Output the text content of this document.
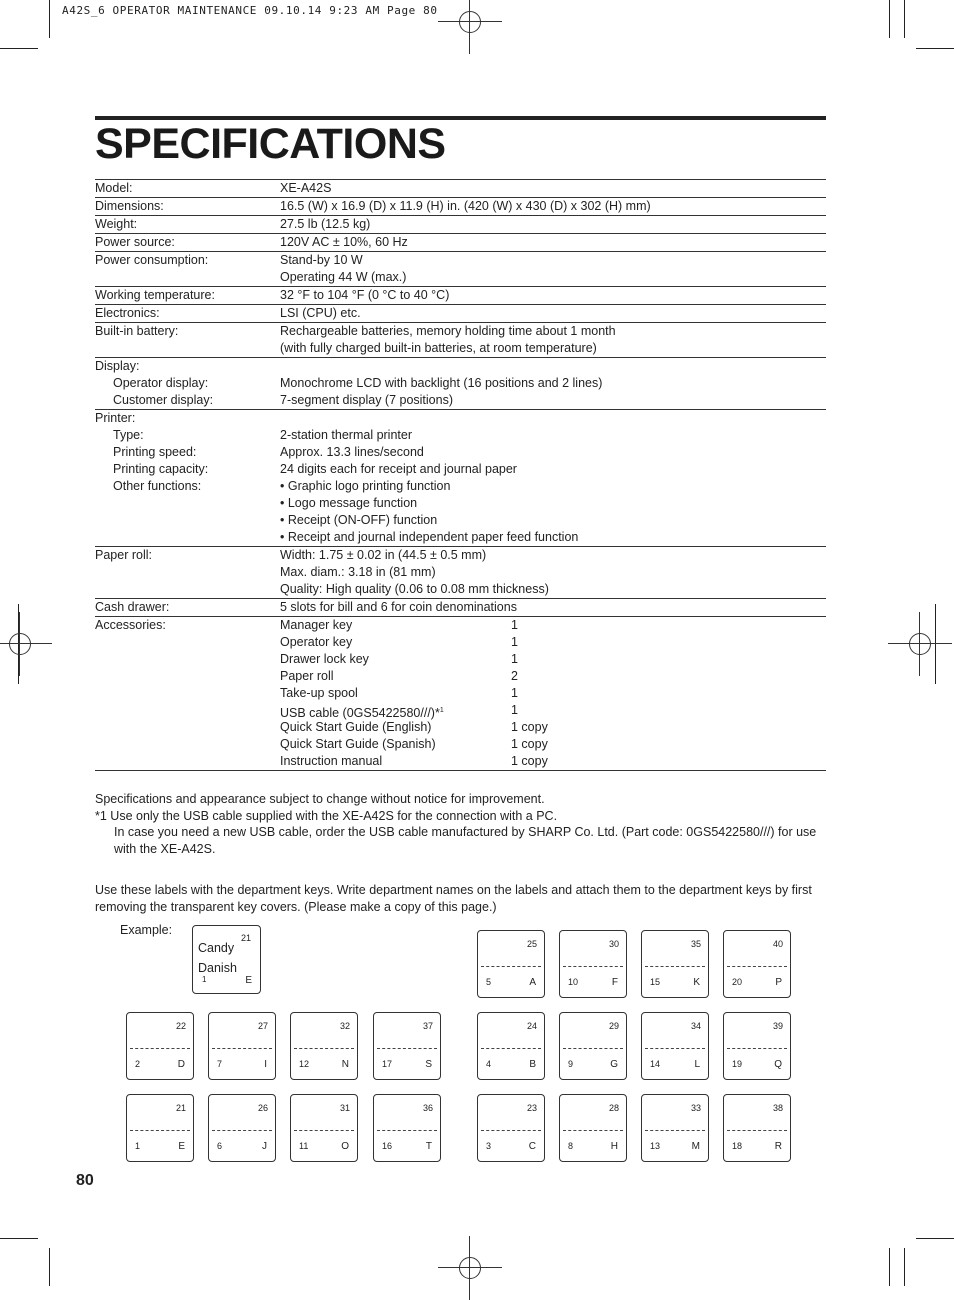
A42S_6 OPERATOR MAINTENANCE 09.10.14 9:23 AM Page 80
SPECIFICATIONS
Model:	XE-A42S
Dimensions:	16.5 (W) x 16.9 (D) x 11.9 (H) in. (420 (W) x 430 (D) x 302 (H) mm)
Weight:	27.5 lb (12.5 kg)
Power source:	120V AC ± 10%, 60 Hz
Power consumption:	Stand-by 10 W
Operating 44 W (max.)
Working temperature:	32 °F to 104 °F (0 °C to 40 °C)
Electronics:	LSI (CPU) etc.
Built-in battery:	Rechargeable batteries, memory holding time about 1 month
(with fully charged built-in batteries, at room temperature)
Display:
Operator display:	Monochrome LCD with backlight (16 positions and 2 lines)
Customer display:	7-segment display (7 positions)
Printer:
Type:	2-station thermal printer
Printing speed:	Approx. 13.3 lines/second
Printing capacity:	24 digits each for receipt and journal paper
Other functions:	• Graphic logo printing function
• Logo message function
• Receipt (ON-OFF) function
• Receipt and journal independent paper feed function
Paper roll:	Width: 1.75 ± 0.02 in (44.5 ± 0.5 mm)
Max. diam.: 3.18 in (81 mm)
Quality: High quality (0.06 to 0.08 mm thickness)
Cash drawer:	5 slots for bill and 6 for coin denominations
Accessories:	Manager key	1
Operator key	1
Drawer lock key	1
Paper roll	2
Take-up spool	1
USB cable (0GS5422580///)*$^1$	1
Quick Start Guide (English)	1 copy
Quick Start Guide (Spanish)	1 copy
Instruction manual	1 copy
Specifications and appearance subject to change without notice for improvement.
*1 Use only the USB cable supplied with the XE-A42S for the connection with a PC.
In case you need a new USB cable, order the USB cable manufactured by SHARP Co. Ltd. (Part code: 0GS5422580///) for use with the XE-A42S.
Use these labels with the department keys. Write department names on the labels and attach them to the department keys by first removing the transparent key covers. (Please make a copy of this page.)
Example:
21
Candy
Danish
1	E
25
5	A
30
10	F
35
15	K
40
20	P
22
2	D
27
7	I
32
12	N
37
17	S
24
4	B
29
9	G
34
14	L
39
19	Q
21
1	E
26
6	J
31
11	O
36
16	T
23
3	C
28
8	H
33
13	M
38
18	R
80
